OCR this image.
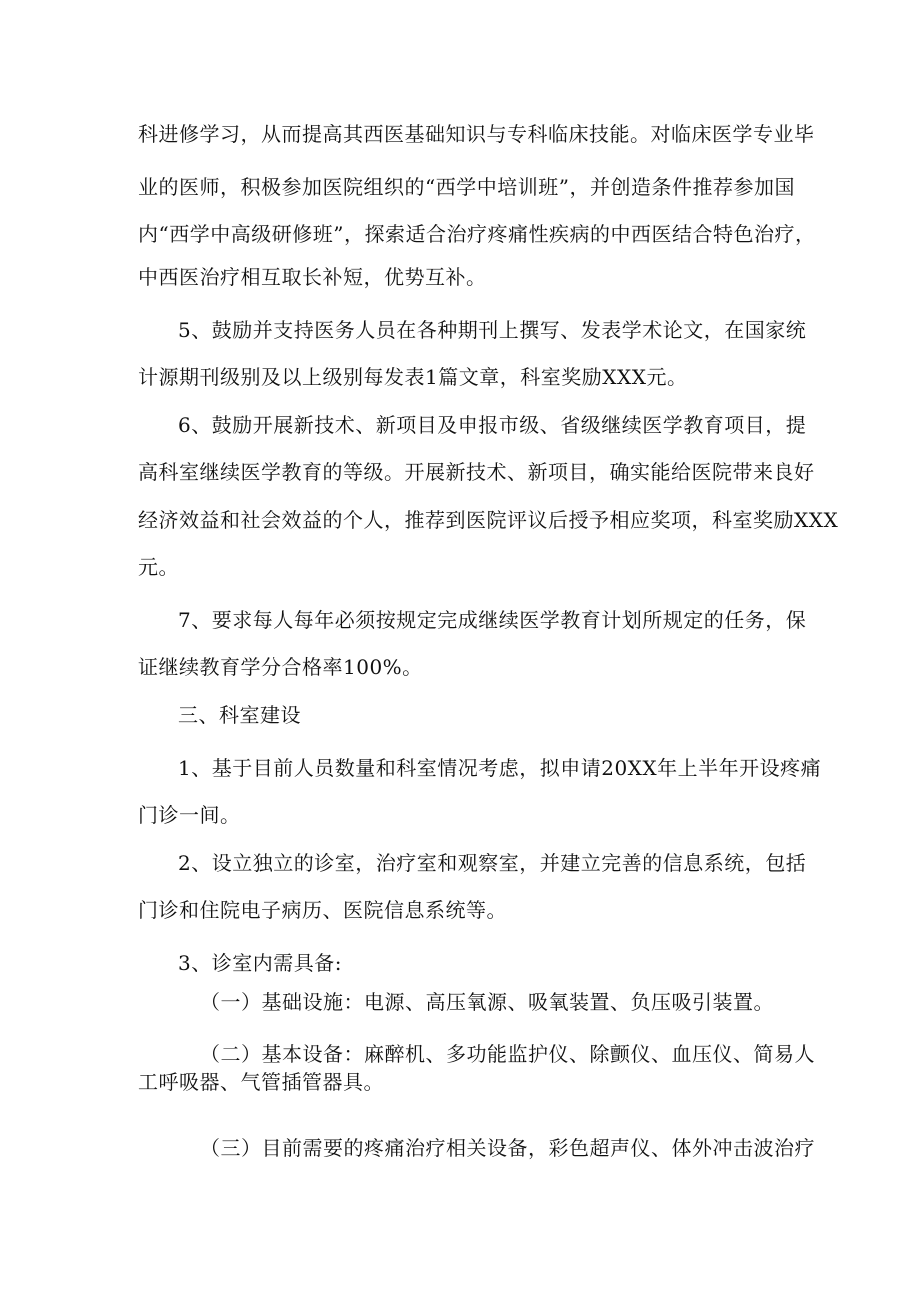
科进修学习，从而提高其西医基础知识与专科临床技能。对临床医学专业毕
业的医师，积极参加医院组织的“西学中培训班”，并创造条件推荐参加国
内“西学中高级研修班”，探索适合治疗疼痛性疾病的中西医结合特色治疗，
中西医治疗相互取长补短，优势互补。
5、鼓励并支持医务人员在各种期刊上撰写、发表学术论文，在国家统
计源期刊级别及以上级别每发表1篇文章，科室奖励XXX元。
6、鼓励开展新技术、新项目及申报市级、省级继续医学教育项目，提
高科室继续医学教育的等级。开展新技术、新项目，确实能给医院带来良好
经济效益和社会效益的个人，推荐到医院评议后授予相应奖项，科室奖励XXX
元。
7、要求每人每年必须按规定完成继续医学教育计划所规定的任务，保
证继续教育学分合格率100%。
三、科室建设
1、基于目前人员数量和科室情况考虑，拟申请20XX年上半年开设疼痛
门诊一间。
2、设立独立的诊室，治疗室和观察室，并建立完善的信息系统，包括
门诊和住院电子病历、医院信息系统等。
3、诊室内需具备:
（一）基础设施：电源、高压氧源、吸氧装置、负压吸引装置。
（二）基本设备：麻醉机、多功能监护仪、除颤仪、血压仪、简易人
工呼吸器、气管插管器具。
（三）目前需要的疼痛治疗相关设备，彩色超声仪、体外冲击波治疗
